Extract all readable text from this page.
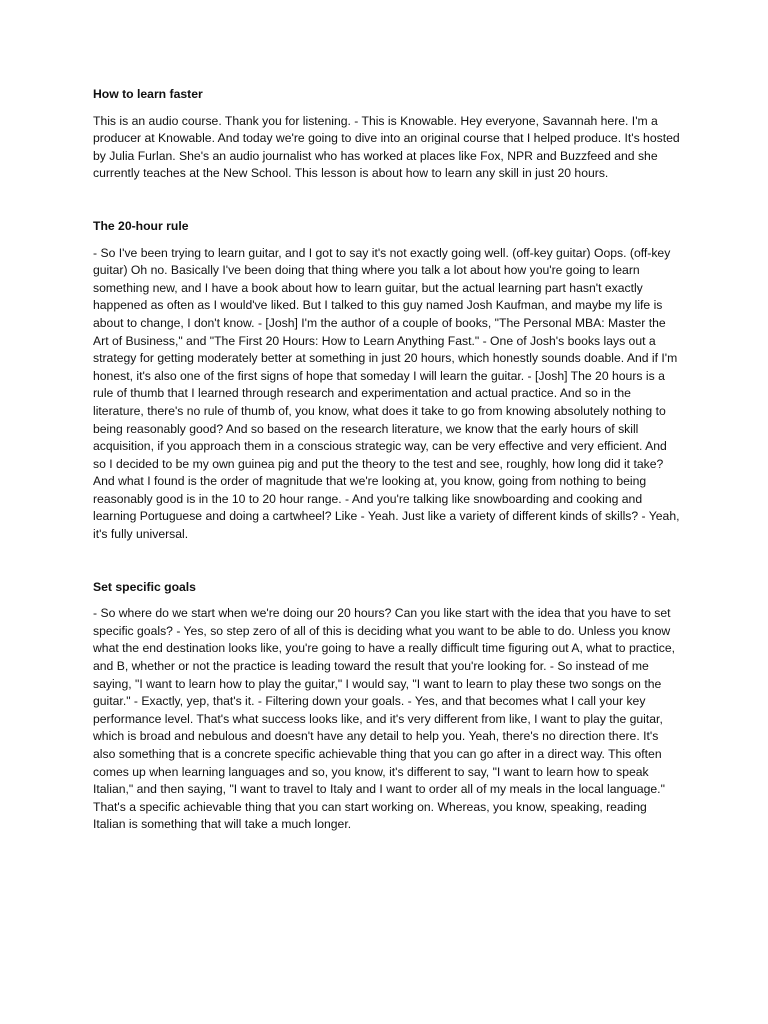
How to learn faster

This is an audio course. Thank you for listening. - This is Knowable. Hey everyone, Savannah here. I'm a producer at Knowable. And today we're going to dive into an original course that I helped produce. It's hosted by Julia Furlan. She's an audio journalist who has worked at places like Fox, NPR and Buzzfeed and she currently teaches at the New School. This lesson is about how to learn any skill in just 20 hours.

The 20-hour rule

- So I've been trying to learn guitar, and I got to say it's not exactly going well. (off-key guitar) Oops. (off-key guitar) Oh no. Basically I've been doing that thing where you talk a lot about how you're going to learn something new, and I have a book about how to learn guitar, but the actual learning part hasn't exactly happened as often as I would've liked. But I talked to this guy named Josh Kaufman, and maybe my life is about to change, I don't know. - [Josh] I'm the author of a couple of books, "The Personal MBA: Master the Art of Business," and "The First 20 Hours: How to Learn Anything Fast." - One of Josh's books lays out a strategy for getting moderately better at something in just 20 hours, which honestly sounds doable. And if I'm honest, it's also one of the first signs of hope that someday I will learn the guitar. - [Josh] The 20 hours is a rule of thumb that I learned through research and experimentation and actual practice. And so in the literature, there's no rule of thumb of, you know, what does it take to go from knowing absolutely nothing to being reasonably good? And so based on the research literature, we know that the early hours of skill acquisition, if you approach them in a conscious strategic way, can be very effective and very efficient. And so I decided to be my own guinea pig and put the theory to the test and see, roughly, how long did it take? And what I found is the order of magnitude that we're looking at, you know, going from nothing to being reasonably good is in the 10 to 20 hour range. - And you're talking like snowboarding and cooking and learning Portuguese and doing a cartwheel? Like - Yeah. Just like a variety of different kinds of skills? - Yeah, it's fully universal.

Set specific goals

- So where do we start when we're doing our 20 hours? Can you like start with the idea that you have to set specific goals? - Yes, so step zero of all of this is deciding what you want to be able to do. Unless you know what the end destination looks like, you're going to have a really difficult time figuring out A, what to practice, and B, whether or not the practice is leading toward the result that you're looking for. - So instead of me saying, "I want to learn how to play the guitar," I would say, "I want to learn to play these two songs on the guitar." - Exactly, yep, that's it. - Filtering down your goals. - Yes, and that becomes what I call your key performance level. That's what success looks like, and it's very different from like, I want to play the guitar, which is broad and nebulous and doesn't have any detail to help you. Yeah, there's no direction there. It's also something that is a concrete specific achievable thing that you can go after in a direct way. This often comes up when learning languages and so, you know, it's different to say, "I want to learn how to speak Italian," and then saying, "I want to travel to Italy and I want to order all of my meals in the local language." That's a specific achievable thing that you can start working on. Whereas, you know, speaking, reading Italian is something that will take a much longer.
